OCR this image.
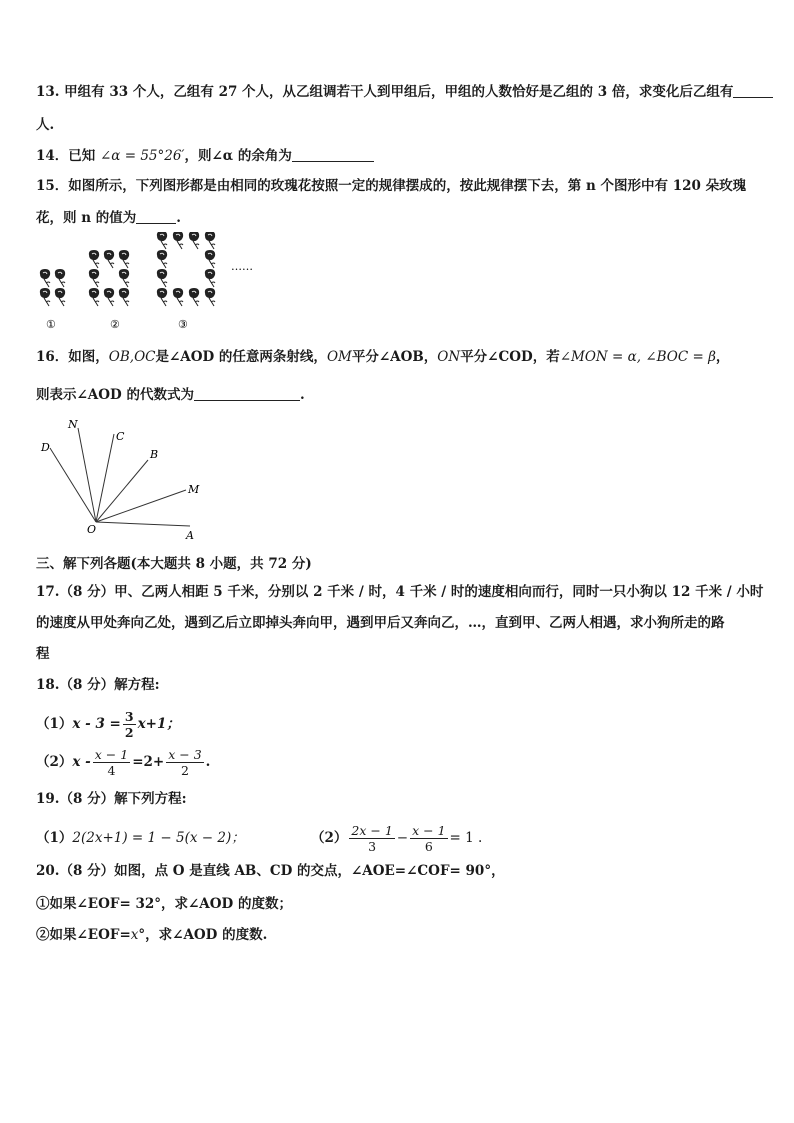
13. 甲组有 33 个人，乙组有 27 个人，从乙组调若干人到甲组后，甲组的人数恰好是乙组的 3 倍，求变化后乙组有
人.
14．已知 ∠α = 55°26′，则∠α 的余角为
15．如图所示，下列图形都是由相同的玫瑰花按照一定的规律摆成的，按此规律摆下去，第 n 个图形中有 120 朵玫瑰
花，则 n 的值为	.
……
①	②	③
16．如图，OB,OC是∠AOD 的任意两条射线，OM平分∠AOB，ON平分∠COD，若∠MON = α, ∠BOC = β，
则表示∠AOD 的代数式为	.
N
C
D
B
M
O	A
三、解下列各题(本大题共 8 小题，共 72 分)
17.（8 分）甲、乙两人相距 5 千米，分别以 2 千米 / 时，4 千米 / 时的速度相向而行，同时一只小狗以 12 千米 / 小时
的速度从甲处奔向乙处，遇到乙后立即掉头奔向甲，遇到甲后又奔向乙，…，直到甲、乙两人相遇，求小狗所走的路
程
18.（8 分）解方程:
$(1)x - 3 = \frac{3}{2} x+1$；
$(2)x - \frac{x - 1}{4} =2+ \frac{x - 3}{2}$ .
19.（8 分）解下列方程:
（1）2(2x+1) = 1 − 5(x − 2)；	$(2) \frac{2x - 1}{3} - \frac{x - 1}{6} = 1$ .
20.（8 分）如图，点 O 是直线 AB、CD 的交点，∠AOE=∠COF= 90°，
①如果∠EOF= 32°，求∠AOD 的度数；
②如果∠EOF=x°，求∠AOD 的度数.
